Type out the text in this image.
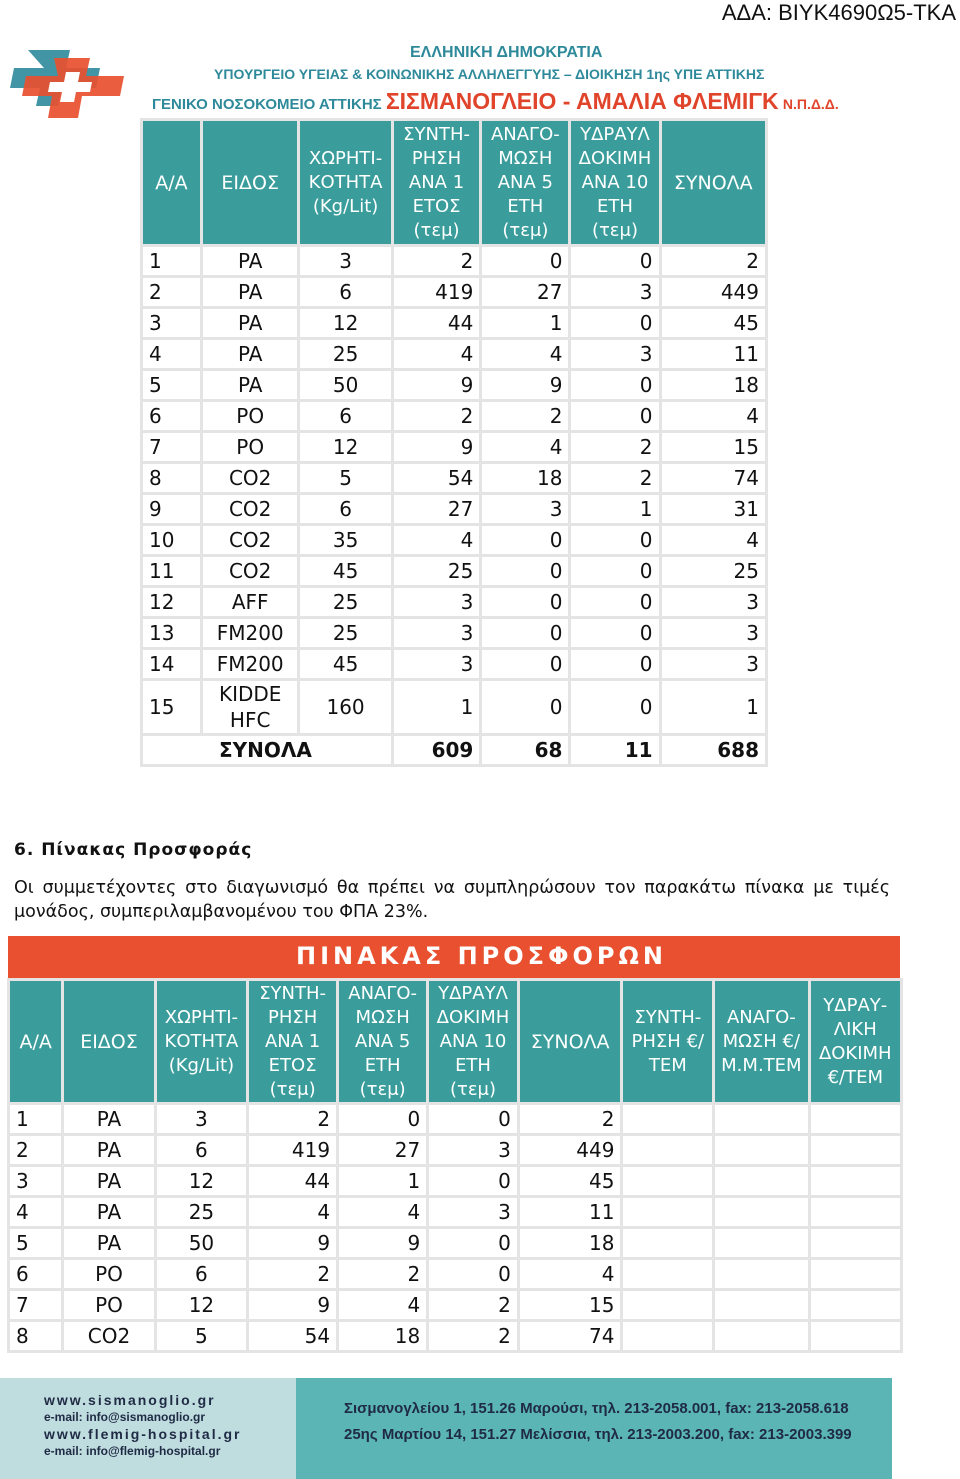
ΑΔΑ: ΒΙΥΚ4690Ω5-ΤΚΑ
ΕΛΛΗΝΙΚΗ ΔΗΜΟΚΡΑΤΙΑ
ΥΠΟΥΡΓΕΙΟ ΥΓΕΙΑΣ & ΚΟΙΝΩΝΙΚΗΣ ΑΛΛΗΛΕΓΓΥΗΣ – ΔΙΟΙΚΗΣΗ 1ης ΥΠΕ ΑΤΤΙΚΗΣ
ΓΕΝΙΚΟ ΝΟΣΟΚΟΜΕΙΟ ΑΤΤΙΚΗΣ ΣΙΣΜΑΝΟΓΛΕΙΟ - ΑΜΑΛΙΑ ΦΛΕΜΙΓΚ Ν.Π.Δ.Δ.
Α/Α	ΕΙΔΟΣ	ΧΩΡΗΤΙ-ΚΟΤΗΤΑ (Kg/Lit)	ΣΥΝΤΗ-ΡΗΣΗ ΑΝΑ 1 ΕΤΟΣ (τεμ)	ΑΝΑΓΟ-ΜΩΣΗ ΑΝΑ 5 ΕΤΗ (τεμ)	ΥΔΡΑΥΛ ΔΟΚΙΜΗ ΑΝΑ 10 ΕΤΗ (τεμ)	ΣΥΝΟΛΑ
1	PA	3	2	0	0	2
2	PA	6	419	27	3	449
3	PA	12	44	1	0	45
4	PA	25	4	4	3	11
5	PA	50	9	9	0	18
6	PO	6	2	2	0	4
7	PO	12	9	4	2	15
8	CO2	5	54	18	2	74
9	CO2	6	27	3	1	31
10	CO2	35	4	0	0	4
11	CO2	45	25	0	0	25
12	AFF	25	3	0	0	3
13	FM200	25	3	0	0	3
14	FM200	45	3	0	0	3
15	KIDDE HFC	160	1	0	0	1
ΣΥΝΟΛΑ			609	68	11	688
6. Πίνακας Προσφοράς
Οι συμμετέχοντες στο διαγωνισμό θα πρέπει να συμπληρώσουν τον παρακάτω πίνακα με τιμές μονάδος, συμπεριλαμβανομένου του ΦΠΑ 23%.
ΠΙΝΑΚΑΣ ΠΡΟΣΦΟΡΩΝ
Α/Α	ΕΙΔΟΣ	ΧΩΡΗΤΙ-ΚΟΤΗΤΑ (Kg/Lit)	ΣΥΝΤΗ-ΡΗΣΗ ΑΝΑ 1 ΕΤΟΣ (τεμ)	ΑΝΑΓΟ-ΜΩΣΗ ΑΝΑ 5 ΕΤΗ (τεμ)	ΥΔΡΑΥΛ ΔΟΚΙΜΗ ΑΝΑ 10 ΕΤΗ (τεμ)	ΣΥΝΟΛΑ	ΣΥΝΤΗ-ΡΗΣΗ €/ ΤΕΜ	ΑΝΑΓΟ-ΜΩΣΗ €/Μ.Μ.ΤΕΜ	ΥΔΡΑΥ-ΛΙΚΗ ΔΟΚΙΜΗ €/ΤΕΜ
1	PA	3	2	0	0	2			
2	PA	6	419	27	3	449			
3	PA	12	44	1	0	45			
4	PA	25	4	4	3	11			
5	PA	50	9	9	0	18			
6	PO	6	2	2	0	4			
7	PO	12	9	4	2	15			
8	CO2	5	54	18	2	74			
www.sismanoglio.gr
e-mail: info@sismanoglio.gr
www.flemig-hospital.gr
e-mail: info@flemig-hospital.gr
Σισμανογλείου 1, 151.26 Μαρούσι, τηλ. 213-2058.001, fax: 213-2058.618
25ης Μαρτίου 14, 151.27 Μελίσσια, τηλ. 213-2003.200, fax: 213-2003.399
